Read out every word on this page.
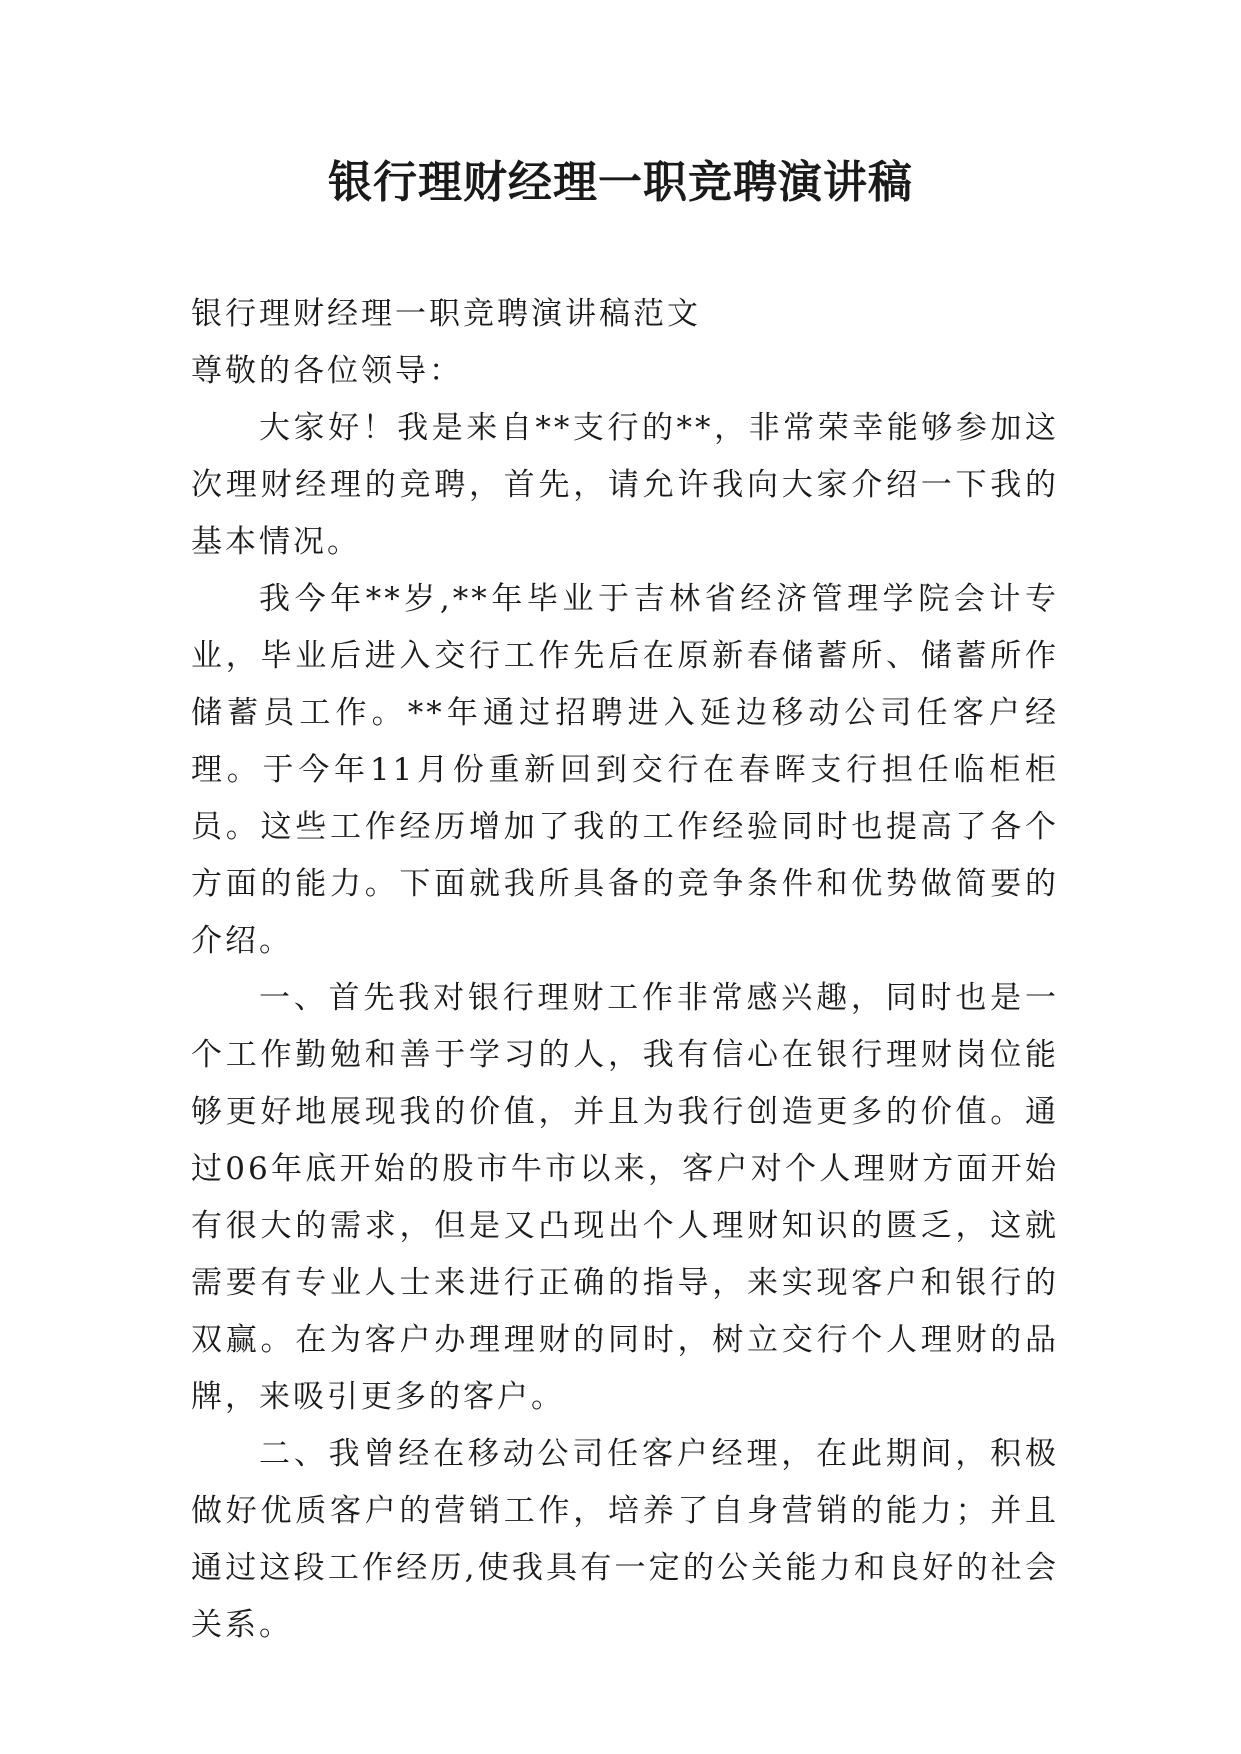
银行理财经理一职竞聘演讲稿

银行理财经理一职竞聘演讲稿范文

尊敬的各位领导：

大家好！我是来自**支行的**，非常荣幸能够参加这次理财经理的竞聘，首先，请允许我向大家介绍一下我的基本情况。

我今年**岁,**年毕业于吉林省经济管理学院会计专业，毕业后进入交行工作先后在原新春储蓄所、储蓄所作储蓄员工作。**年通过招聘进入延边移动公司任客户经理。于今年11月份重新回到交行在春晖支行担任临柜柜员。这些工作经历增加了我的工作经验同时也提高了各个方面的能力。下面就我所具备的竞争条件和优势做简要的介绍。

一、首先我对银行理财工作非常感兴趣，同时也是一个工作勤勉和善于学习的人，我有信心在银行理财岗位能够更好地展现我的价值，并且为我行创造更多的价值。通过06年底开始的股市牛市以来，客户对个人理财方面开始有很大的需求，但是又凸现出个人理财知识的匮乏，这就需要有专业人士来进行正确的指导，来实现客户和银行的双赢。在为客户办理理财的同时，树立交行个人理财的品牌，来吸引更多的客户。

二、我曾经在移动公司任客户经理，在此期间，积极做好优质客户的营销工作，培养了自身营销的能力；并且通过这段工作经历,使我具有一定的公关能力和良好的社会关系。
